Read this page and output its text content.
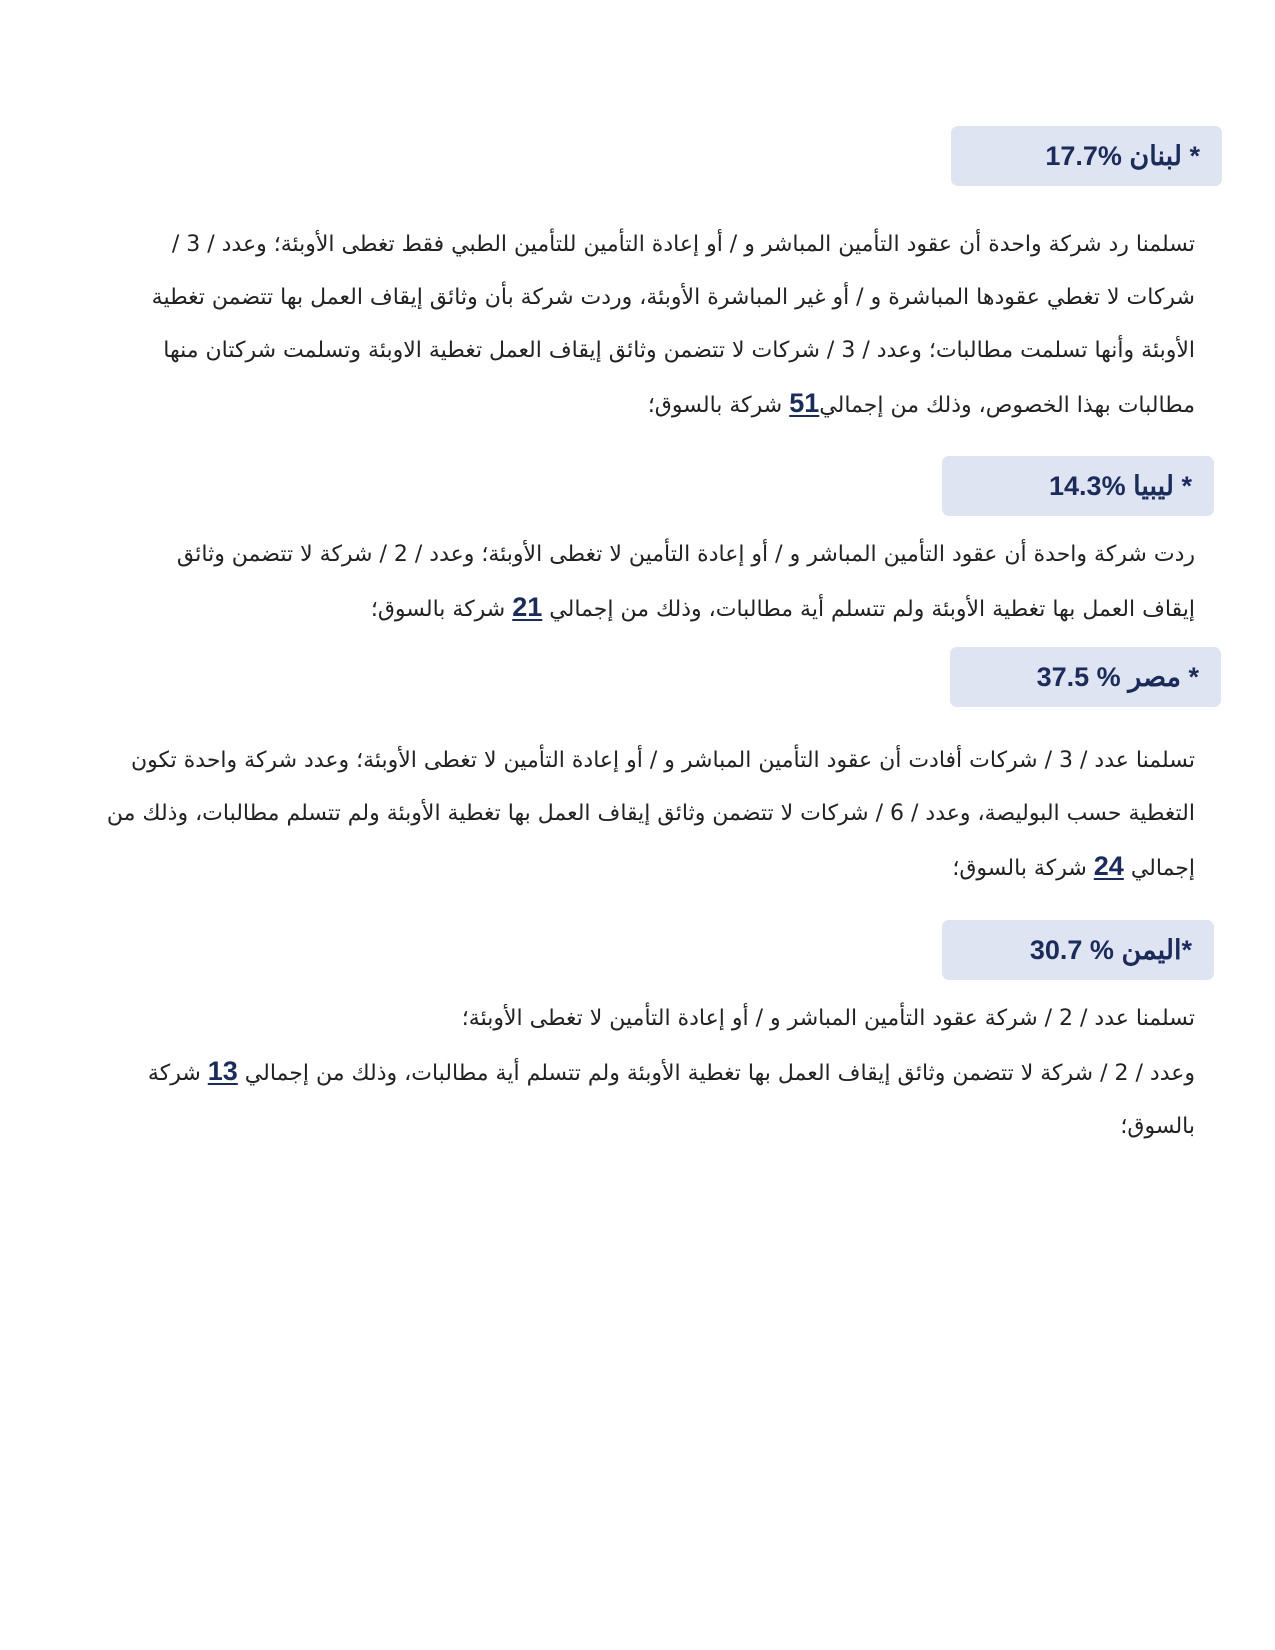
17.7%
* لبنان
تسلمنا رد شركة واحدة أن عقود التأمين المباشر و / أو إعادة التأمين للتأمين الطبي فقط تغطى الأوبئة؛ وعدد / 3 /
شركات لا تغطي عقودها المباشرة و / أو غير المباشرة الأوبئة، وردت شركة بأن وثائق إيقاف العمل بها تتضمن تغطية
الأوبئة وأنها تسلمت مطالبات؛ وعدد / 3 / شركات لا تتضمن وثائق إيقاف العمل تغطية الاوبئة وتسلمت شركتان منها
مطالبات بهذا الخصوص، وذلك من إجمالي51 شركة بالسوق؛
14.3%
* ليبيا
ردت شركة واحدة أن عقود التأمين المباشر و / أو إعادة التأمين لا تغطى الأوبئة؛ وعدد / 2 / شركة لا تتضمن وثائق
إيقاف العمل بها تغطية الأوبئة ولم تتسلم أية مطالبات، وذلك من إجمالي 21 شركة بالسوق؛
37.5 %
* مصر
تسلمنا عدد / 3 / شركات أفادت أن عقود التأمين المباشر و / أو إعادة التأمين لا تغطى الأوبئة؛ وعدد شركة واحدة تكون
التغطية حسب البوليصة، وعدد / 6 / شركات لا تتضمن وثائق إيقاف العمل بها تغطية الأوبئة ولم تتسلم مطالبات، وذلك من
إجمالي 24 شركة بالسوق؛
30.7 %
*اليمن
تسلمنا عدد / 2 / شركة عقود التأمين المباشر و / أو إعادة التأمين لا تغطى الأوبئة؛
وعدد / 2 / شركة لا تتضمن وثائق إيقاف العمل بها تغطية الأوبئة ولم تتسلم أية مطالبات، وذلك من إجمالي 13 شركة
بالسوق؛
